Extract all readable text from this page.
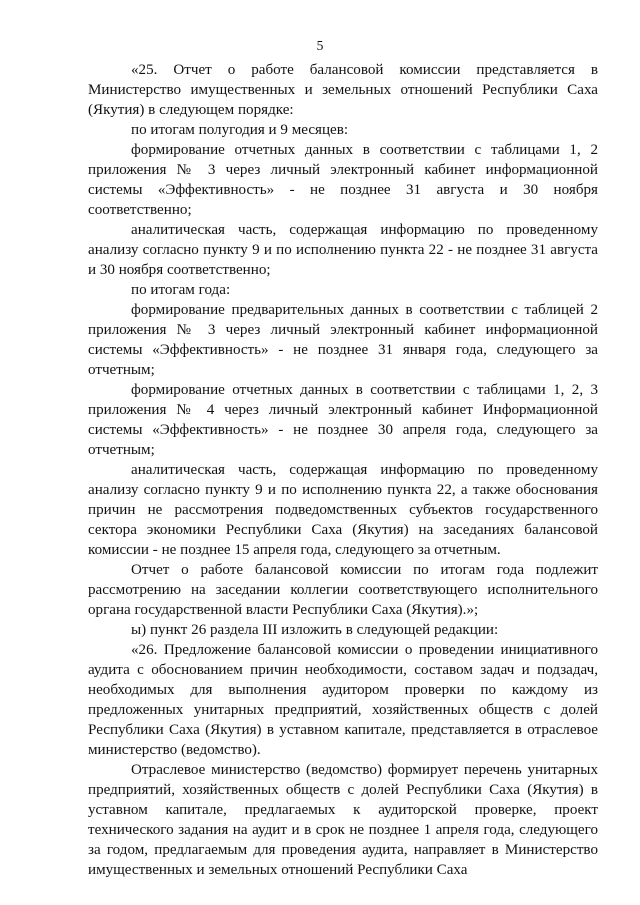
5

«25. Отчет о работе балансовой комиссии представляется в Министерство имущественных и земельных отношений Республики Саха (Якутия) в следующем порядке:

по итогам полугодия и 9 месяцев:

формирование отчетных данных в соответствии с таблицами 1, 2 приложения № 3 через личный электронный кабинет информационной системы «Эффективность» - не позднее 31 августа и 30 ноября соответственно;

аналитическая часть, содержащая информацию по проведенному анализу согласно пункту 9 и по исполнению пункта 22 - не позднее 31 августа и 30 ноября соответственно;

по итогам года:

формирование предварительных данных в соответствии с таблицей 2 приложения № 3 через личный электронный кабинет информационной системы «Эффективность» - не позднее 31 января года, следующего за отчетным;

формирование отчетных данных в соответствии с таблицами 1, 2, 3 приложения № 4 через личный электронный кабинет Информационной системы «Эффективность» - не позднее 30 апреля года, следующего за отчетным;

аналитическая часть, содержащая информацию по проведенному анализу согласно пункту 9 и по исполнению пункта 22, а также обоснования причин не рассмотрения подведомственных субъектов государственного сектора экономики Республики Саха (Якутия) на заседаниях балансовой комиссии - не позднее 15 апреля года, следующего за отчетным.

Отчет о работе балансовой комиссии по итогам года подлежит рассмотрению на заседании коллегии соответствующего исполнительного органа государственной власти Республики Саха (Якутия).»;

ы) пункт 26 раздела III изложить в следующей редакции:

«26. Предложение балансовой комиссии о проведении инициативного аудита с обоснованием причин необходимости, составом задач и подзадач, необходимых для выполнения аудитором проверки по каждому из предложенных унитарных предприятий, хозяйственных обществ с долей Республики Саха (Якутия) в уставном капитале, представляется в отраслевое министерство (ведомство).

Отраслевое министерство (ведомство) формирует перечень унитарных предприятий, хозяйственных обществ с долей Республики Саха (Якутия) в уставном капитале, предлагаемых к аудиторской проверке, проект технического задания на аудит и в срок не позднее 1 апреля года, следующего за годом, предлагаемым для проведения аудита, направляет в Министерство имущественных и земельных отношений Республики Саха
